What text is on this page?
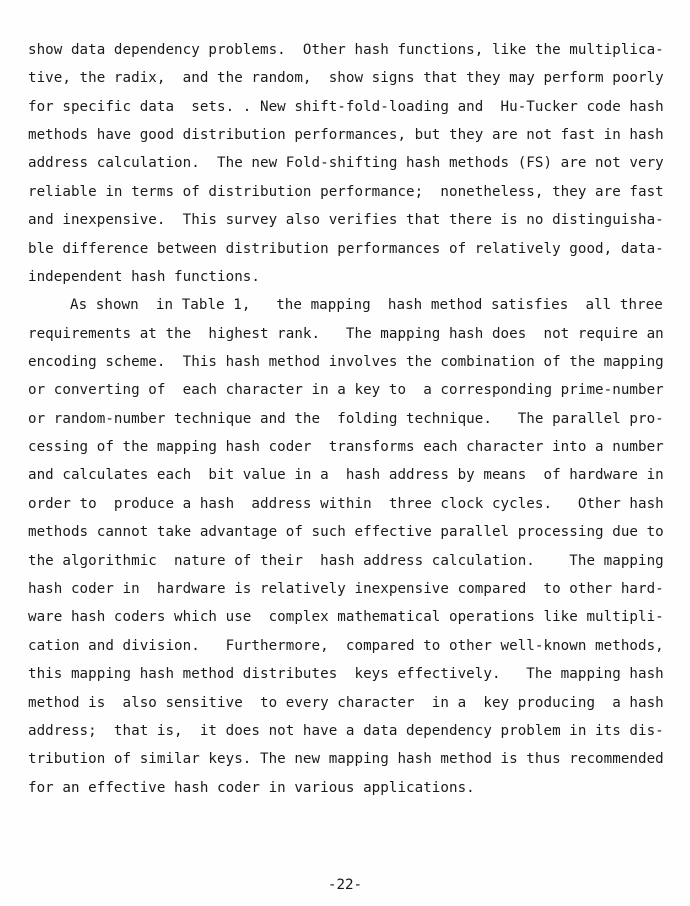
show data dependency problems.  Other hash functions, like the multiplica-
tive, the radix,  and the random,  show signs that they may perform poorly
for specific data  sets. . New shift-fold-loading and  Hu-Tucker code hash
methods have good distribution performances, but they are not fast in hash
address calculation.  The new Fold-shifting hash methods (FS) are not very
reliable in terms of distribution performance;  nonetheless, they are fast
and inexpensive.  This survey also verifies that there is no distinguisha-
ble difference between distribution performances of relatively good, data-
independent hash functions.
As shown  in Table 1,   the mapping  hash method satisfies  all three
requirements at the  highest rank.   The mapping hash does  not require an
encoding scheme.  This hash method involves the combination of the mapping
or converting of  each character in a key to  a corresponding prime-number
or random-number technique and the  folding technique.   The parallel pro-
cessing of the mapping hash coder  transforms each character into a number
and calculates each  bit value in a  hash address by means  of hardware in
order to  produce a hash  address within  three clock cycles.   Other hash
methods cannot take advantage of such effective parallel processing due to
the algorithmic  nature of their  hash address calculation.    The mapping
hash coder in  hardware is relatively inexpensive compared  to other hard-
ware hash coders which use  complex mathematical operations like multipli-
cation and division.   Furthermore,  compared to other well-known methods,
this mapping hash method distributes  keys effectively.   The mapping hash
method is  also sensitive  to every character  in a  key producing  a hash
address;  that is,  it does not have a data dependency problem in its dis-
tribution of similar keys. The new mapping hash method is thus recommended
for an effective hash coder in various applications.
-22-
